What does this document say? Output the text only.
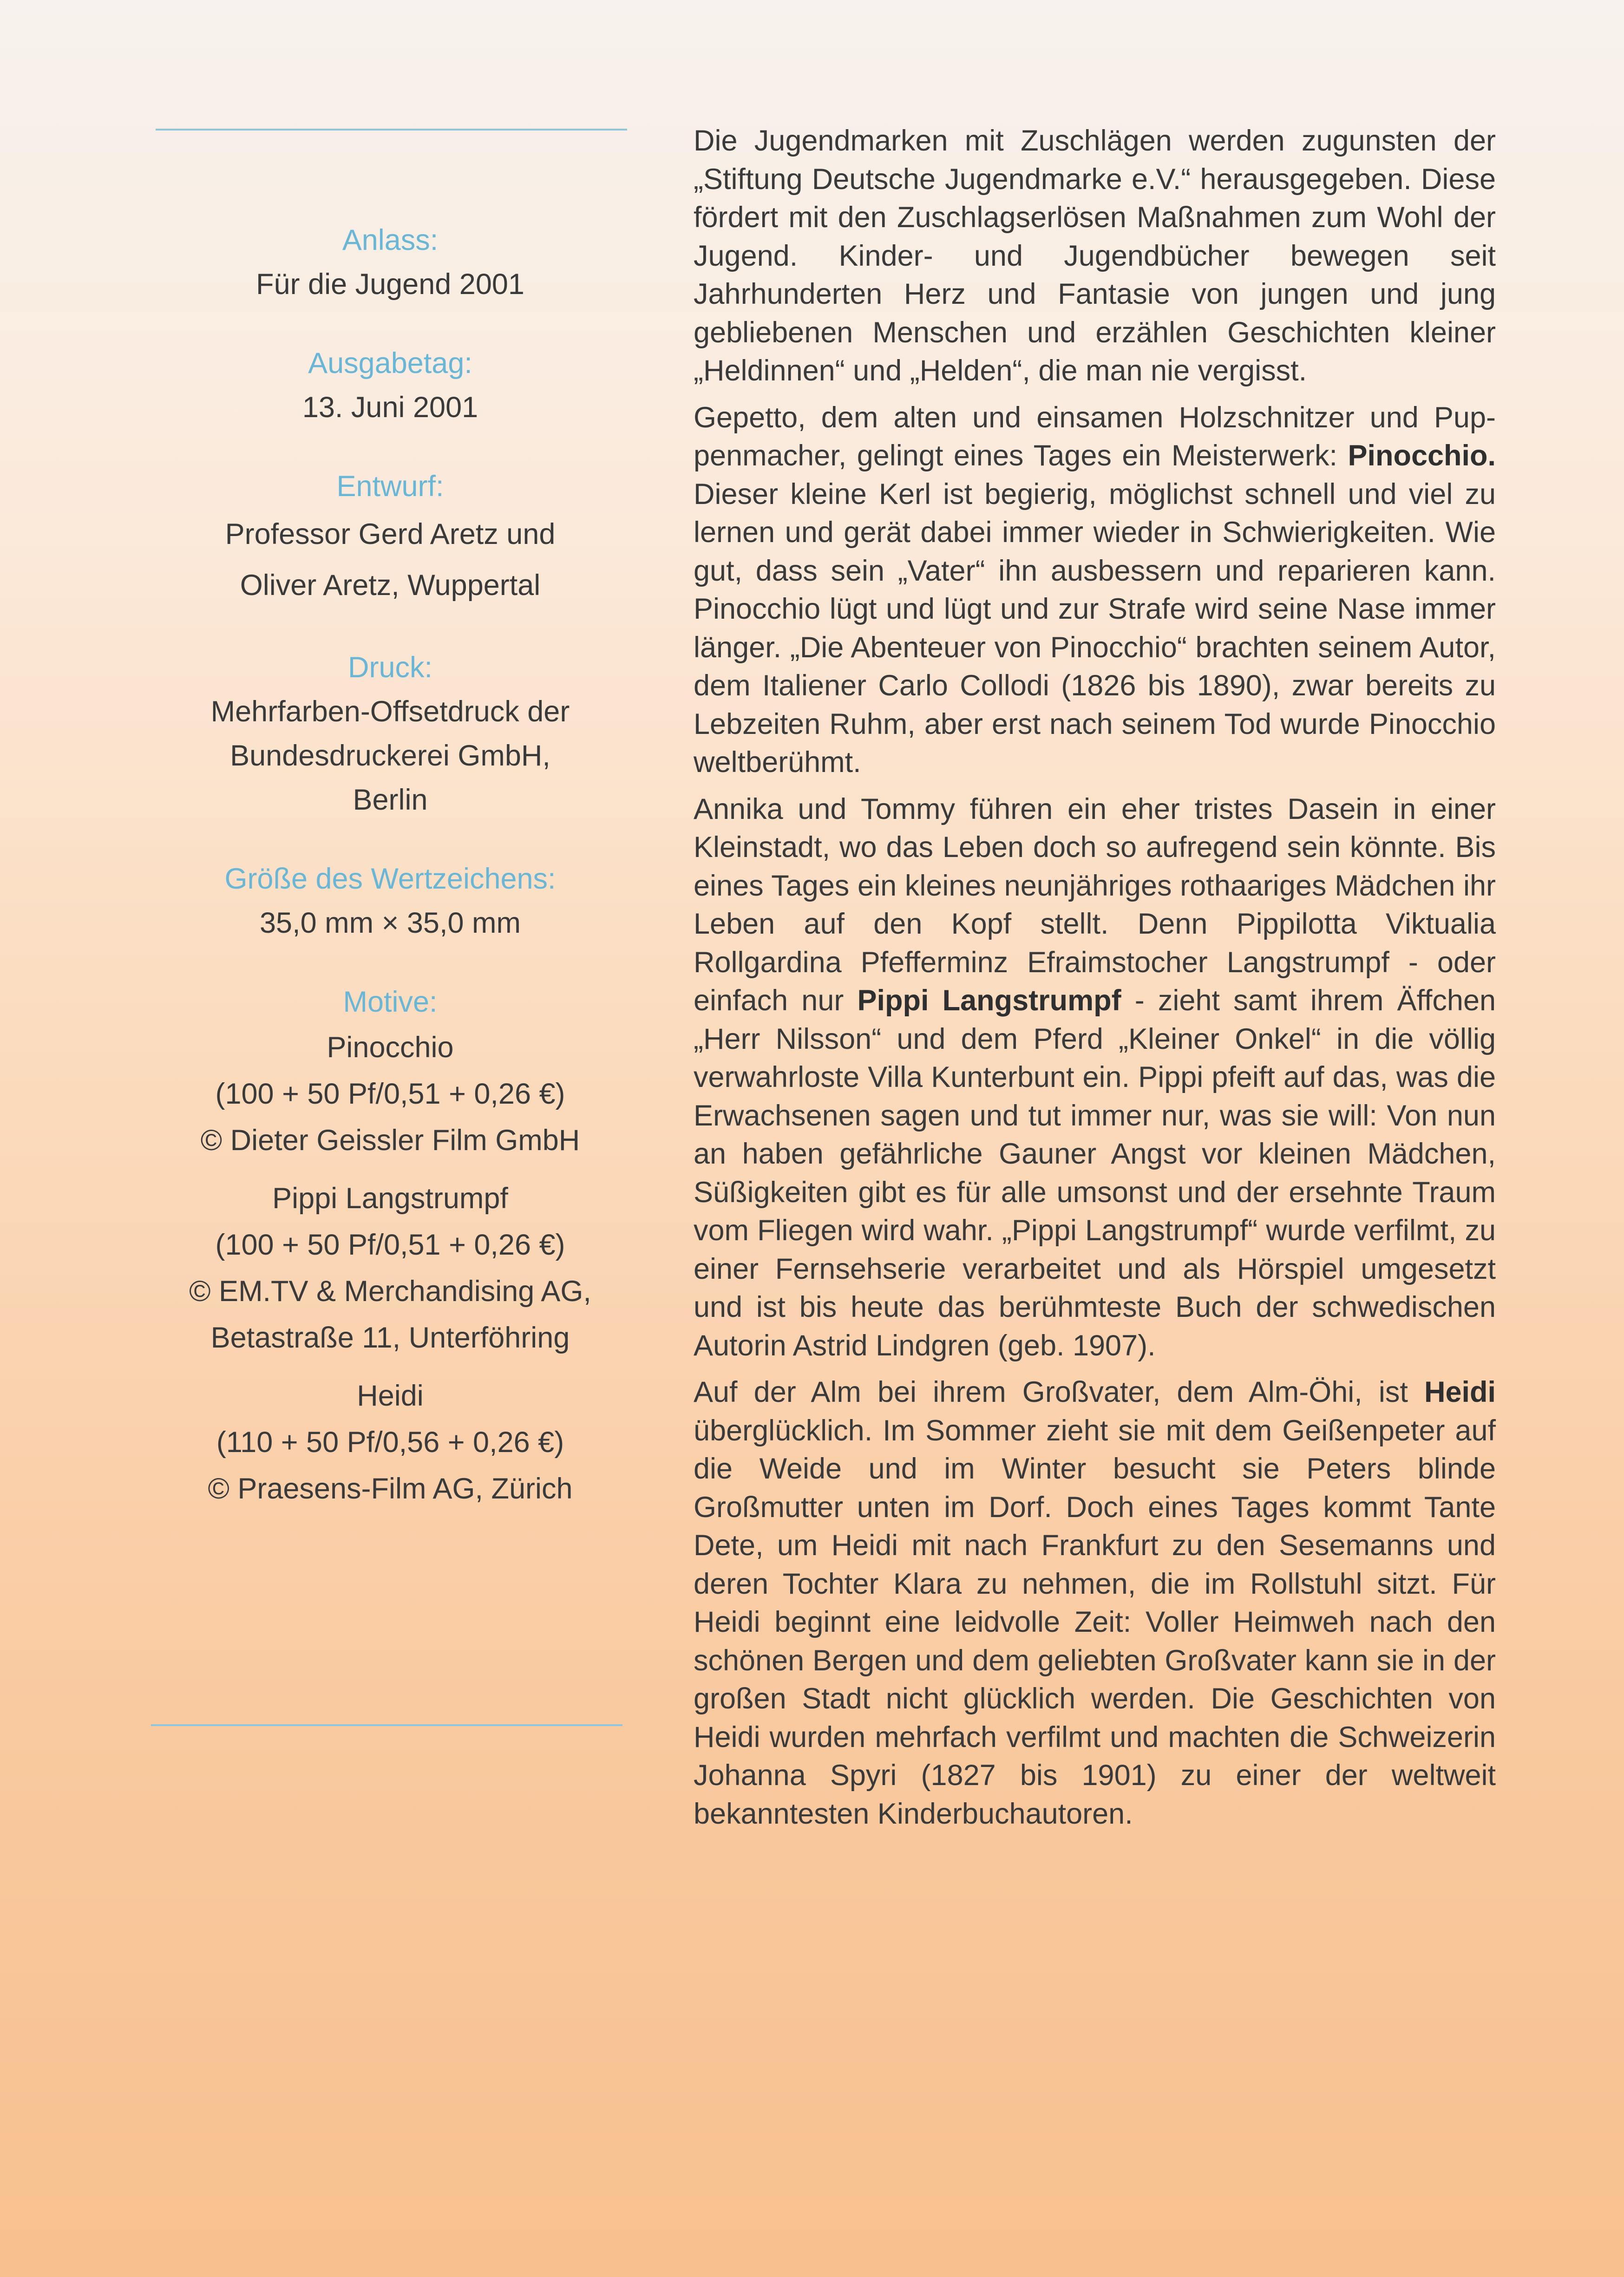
Anlass:
Für die Jugend 2001
Ausgabetag:
13. Juni 2001
Entwurf:
Professor Gerd Aretz und
Oliver Aretz, Wuppertal
Druck:
Mehrfarben-Offsetdruck der
Bundesdruckerei GmbH,
Berlin
Größe des Wertzeichens:
35,0 mm × 35,0 mm
Motive:
Pinocchio
(100 + 50 Pf/0,51 + 0,26 €)
© Dieter Geissler Film GmbH
Pippi Langstrumpf
(100 + 50 Pf/0,51 + 0,26 €)
© EM.TV & Merchandising AG,
Betastraße 11, Unterföhring
Heidi
(110 + 50 Pf/0,56 + 0,26 €)
© Praesens-Film AG, Zürich

Die Jugendmarken mit Zuschlägen werden zugunsten der „Stiftung Deutsche Jugendmarke e.V.“ herausgegeben. Diese fördert mit den Zuschlagserlösen Maßnahmen zum Wohl der Jugend. Kinder- und Jugendbücher bewegen seit Jahrhunderten Herz und Fantasie von jungen und jung gebliebenen Menschen und erzählen Geschichten kleiner „Heldinnen“ und „Helden“, die man nie vergisst.

Gepetto, dem alten und einsamen Holzschnitzer und Puppenmacher, gelingt eines Tages ein Meisterwerk: Pinocchio. Dieser kleine Kerl ist begierig, möglichst schnell und viel zu lernen und gerät dabei immer wieder in Schwierigkeiten. Wie gut, dass sein „Vater“ ihn ausbessern und reparieren kann. Pinocchio lügt und lügt und zur Strafe wird seine Nase immer länger. „Die Abenteuer von Pinocchio“ brachten seinem Autor, dem Italiener Carlo Collodi (1826 bis 1890), zwar bereits zu Lebzeiten Ruhm, aber erst nach seinem Tod wurde Pinocchio weltberühmt.

Annika und Tommy führen ein eher tristes Dasein in einer Kleinstadt, wo das Leben doch so aufregend sein könnte. Bis eines Tages ein kleines neunjähriges rothaariges Mädchen ihr Leben auf den Kopf stellt. Denn Pippilotta Viktualia Rollgardina Pfefferminz Efraimstocher Langstrumpf - oder einfach nur Pippi Langstrumpf - zieht samt ihrem Äffchen „Herr Nilsson“ und dem Pferd „Kleiner Onkel“ in die völlig verwahrloste Villa Kunterbunt ein. Pippi pfeift auf das, was die Erwachsenen sagen und tut immer nur, was sie will: Von nun an haben gefährliche Gauner Angst vor kleinen Mädchen, Süßigkeiten gibt es für alle umsonst und der ersehnte Traum vom Fliegen wird wahr. „Pippi Langstrumpf“ wurde verfilmt, zu einer Fernsehserie verarbeitet und als Hörspiel umgesetzt und ist bis heute das berühmteste Buch der schwedischen Autorin Astrid Lindgren (geb. 1907).

Auf der Alm bei ihrem Großvater, dem Alm-Öhi, ist Heidi überglücklich. Im Sommer zieht sie mit dem Geißenpeter auf die Weide und im Winter besucht sie Peters blinde Großmutter unten im Dorf. Doch eines Tages kommt Tante Dete, um Heidi mit nach Frankfurt zu den Sesemanns und deren Tochter Klara zu nehmen, die im Rollstuhl sitzt. Für Heidi beginnt eine leidvolle Zeit: Voller Heimweh nach den schönen Bergen und dem geliebten Großvater kann sie in der großen Stadt nicht glücklich werden. Die Geschichten von Heidi wurden mehrfach verfilmt und machten die Schweizerin Johanna Spyri (1827 bis 1901) zu einer der weltweit bekanntesten Kinderbuchautoren.
